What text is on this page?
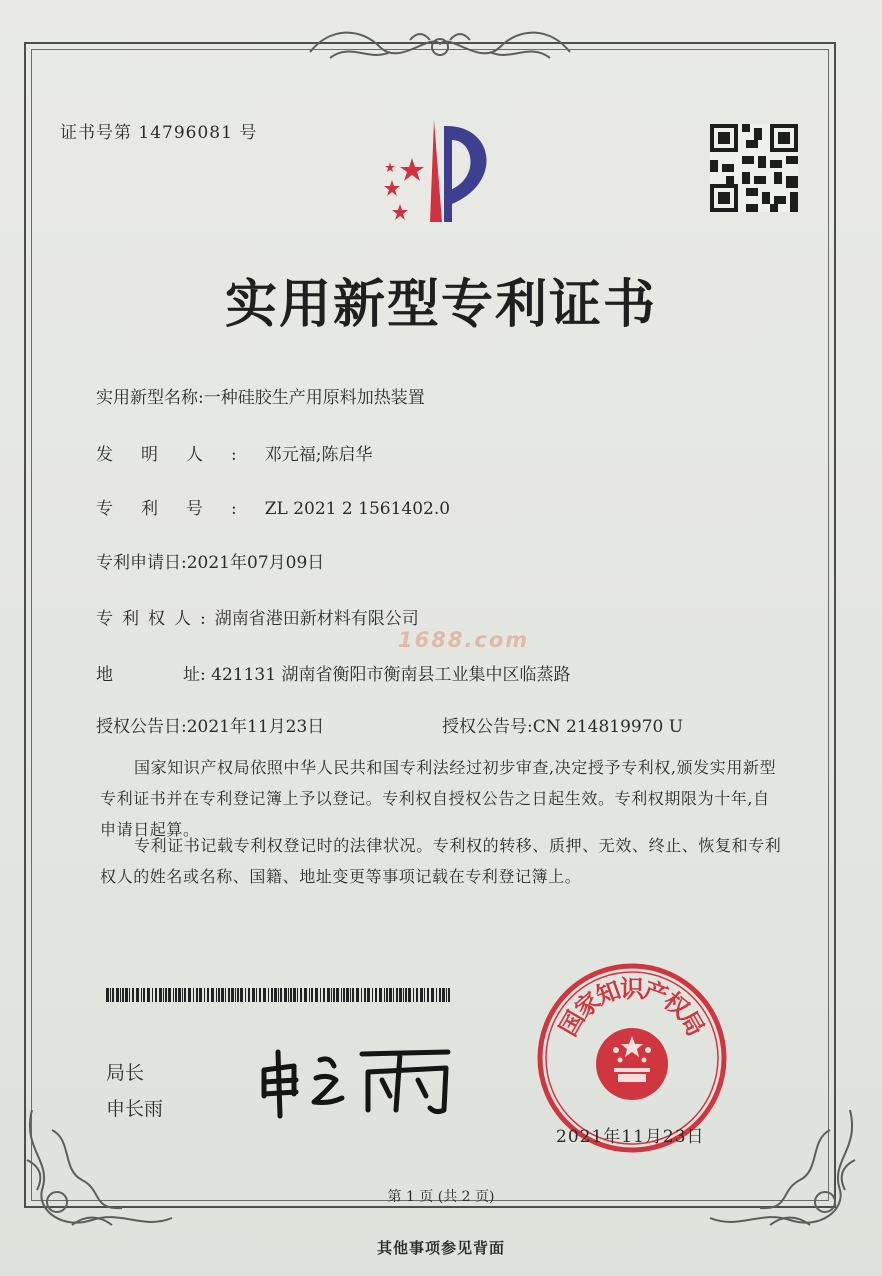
证书号第 14796081 号
实用新型专利证书
实用新型名称:一种硅胶生产用原料加热装置
发明人:邓元福;陈启华
专利号:ZL 2021 2 1561402.0
专利申请日:2021年07月09日
专利权人:湖南省港田新材料有限公司
1688.com
地	址: 421131 湖南省衡阳市衡南县工业集中区临蒸路
授权公告日:2021年11月23日	授权公告号:CN 214819970 U
国家知识产权局依照中华人民共和国专利法经过初步审查,决定授予专利权,颁发实用新型专利证书并在专利登记簿上予以登记。专利权自授权公告之日起生效。专利权期限为十年,自申请日起算。
专利证书记载专利权登记时的法律状况。专利权的转移、质押、无效、终止、恢复和专利权人的姓名或名称、国籍、地址变更等事项记载在专利登记簿上。
局长
申长雨
国
家
知
识
产
权
局
2021年11月23日
第 1 页 (共 2 页)
其他事项参见背面
